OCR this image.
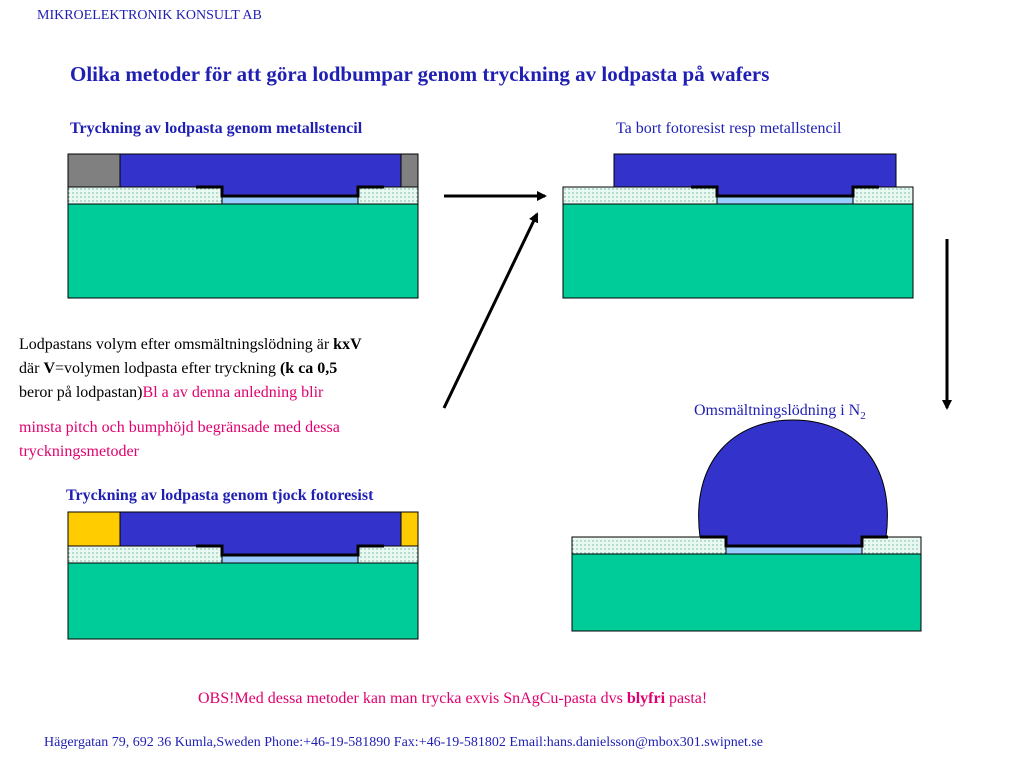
MIKROELEKTRONIK KONSULT AB
Olika metoder för att göra lodbumpar genom tryckning av lodpasta på wafers
Tryckning av lodpasta genom metallstencil	Ta bort fotoresist resp metallstencil
Omsmältningslödning i $N_2$
Tryckning av lodpasta genom tjock fotoresist
Lodpastans volym efter omsmältningslödning är kxV
där V=volymen lodpasta efter tryckning (k ca 0,5
beror på lodpastan)Bl a av denna anledning blir
minsta pitch och bumphöjd begränsade med dessa
tryckningsmetoder
OBS!Med dessa metoder kan man trycka exvis SnAgCu-pasta dvs blyfri pasta!
Hägergatan 79, 692 36 Kumla,Sweden Phone:+46-19-581890 Fax:+46-19-581802 Email:hans.danielsson@mbox301.swipnet.se
